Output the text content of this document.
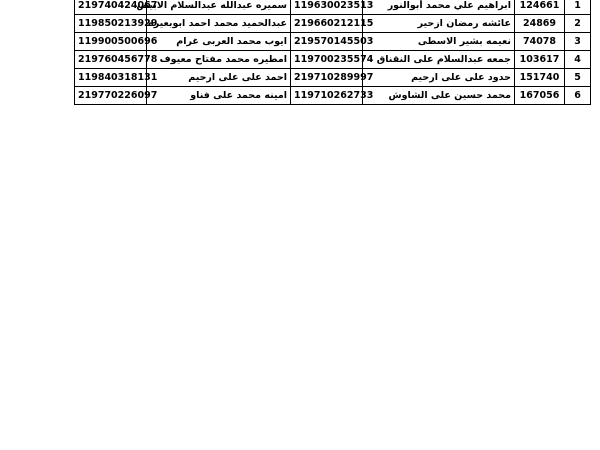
219740424067	سميره عبدالله عبدالسلام الابيض	119630023513	ابراهيم علي محمد أبوالنور	124661	1
119850213929	عبدالحميد محمد احمد ابوبعيره	219660212115	عائشه رمضان ازحير	24869	2
119900500696	ايوب محمد العربى غرام	219570145503	نعيمه بشير الاسطى	74078	3
219760456778	امطيره محمد مفتاح معيوف	119700235574	جمعه عبدالسلام على النقناق	103617	4
119840318131	احمد على على ارحيم	219710289997	حدود على على ارحيم	151740	5
219770226097	امينه محمد على فناو	119710262733	محمد حسين على الشاوش	167056	6
